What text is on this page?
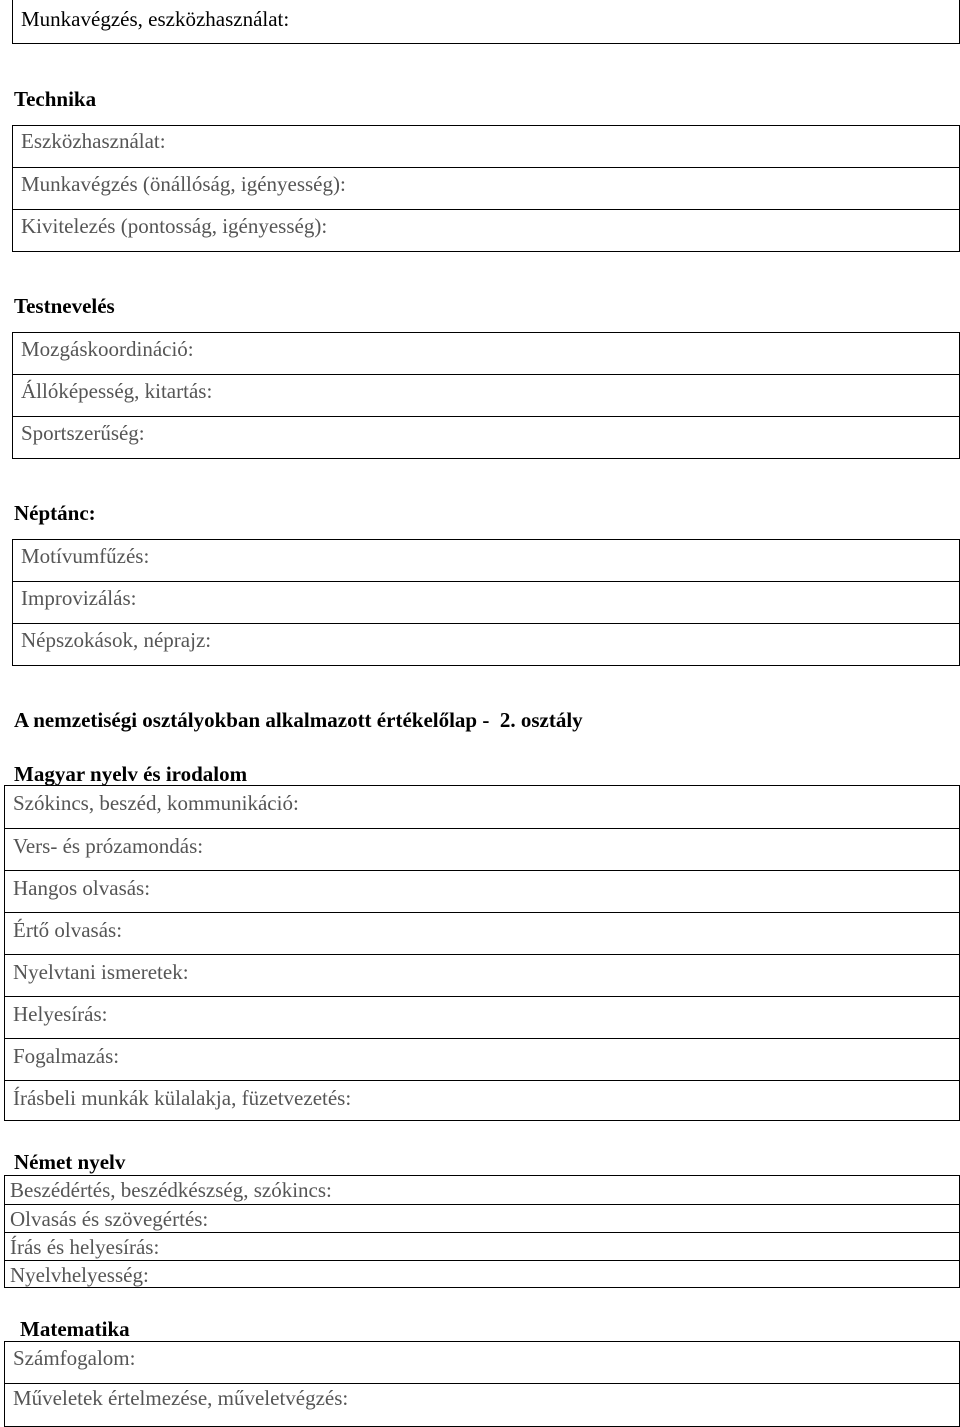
Munkavégzés, eszközhasználat:
Technika
Eszközhasználat:
Munkavégzés (önállóság, igényesség):
Kivitelezés (pontosság, igényesség):
Testnevelés
Mozgáskoordináció:
Állóképesség, kitartás:
Sportszerűség:
Néptánc:
Motívumfűzés:
Improvizálás:
Népszokások, néprajz:
A nemzetiségi osztályokban alkalmazott értékelőlap -  2. osztály
Magyar nyelv és irodalom
Szókincs, beszéd, kommunikáció:
Vers- és prózamondás:
Hangos olvasás:
Értő olvasás:
Nyelvtani ismeretek:
Helyesírás:
Fogalmazás:
Írásbeli munkák külalakja, füzetvezetés:
Német nyelv
Beszédértés, beszédkészség, szókincs:
Olvasás és szövegértés:
Írás és helyesírás:
Nyelvhelyesség:
Matematika
Számfogalom:
Műveletek értelmezése, műveletvégzés:
